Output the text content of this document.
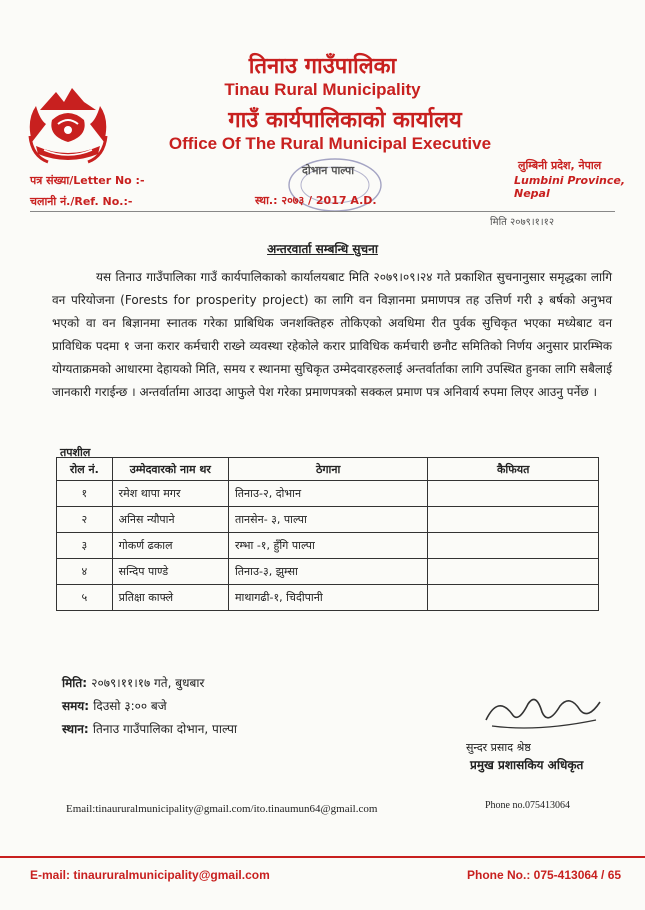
तिनाउ गाउँपालिका
Tinau Rural Municipality
गाउँ कार्यपालिकाको कार्यालय
Office Of The Rural Municipal Executive
लुम्बिनी प्रदेश, नेपाल
Lumbini Province, Nepal
पत्र संख्या/Letter No :-
चलानी नं./Ref. No.:-
दोभान पाल्पा
स्था.: २०७३ / 2017 A.D.
मिति २०७९।१।१२
अन्तरवार्ता सम्बन्धि सुचना
यस तिनाउ गाउँपालिका गाउँ कार्यपालिकाको कार्यालयबाट मिति २०७९।०९।२४ गते प्रकाशित सुचनानुसार समृद्धका लागि वन परियोजना (Forests for prosperity project) का लागि वन विज्ञानमा प्रमाणपत्र तह उत्तिर्ण गरी ३ बर्षको अनुभव भएको वा वन बिज्ञानमा स्नातक गरेका प्राबिधिक जनशक्तिहरु तोकिएको अवधिमा रीत पुर्वक सुचिकृत भएका मध्येबाट वन प्राविधिक पदमा १ जना करार कर्मचारी राख्ने व्यवस्था रहेकोले करार प्राविधिक कर्मचारी छनौट समितिको निर्णय अनुसार प्रारम्भिक योग्यताक्रमको आधारमा देहायको मिति, समय र स्थानमा सुचिकृत उम्मेदवारहरुलाई अन्तर्वार्ताका लागि उपस्थित हुनका लागि सबैलाई जानकारी गराईन्छ । अन्तर्वार्तामा आउदा आफुले पेश गरेका प्रमाणपत्रको सक्कल प्रमाण पत्र अनिवार्य रुपमा लिएर आउनु पर्नेछ ।
तपशील
रोल नं.	उम्मेदवारको नाम थर	ठेगाना	कैफियत
१	रमेश थापा मगर	तिनाउ-२, दोभान	
२	अनिस न्यौपाने	तानसेन- ३, पाल्पा	
३	गोकर्ण ढकाल	रम्भा -१, हुँगि पाल्पा	
४	सन्दिप पाण्डे	तिनाउ-३, झुम्सा	
५	प्रतिक्षा काफ्ले	माथागढी-१, चिदीपानी	
मिति: २०७९।११।१७ गते, बुधबार
समय: दिउसो ३:०० बजे
स्थान: तिनाउ गाउँपालिका दोभान, पाल्पा
सुन्दर प्रसाद श्रेष्ठ
प्रमुख प्रशासकिय अधिकृत
Email:tinaururalmunicipality@gmail.com/ito.tinaumun64@gmail.com	Phone no.075413064
E-mail: tinaururalmunicipality@gmail.com	Phone No.: 075-413064 / 65
